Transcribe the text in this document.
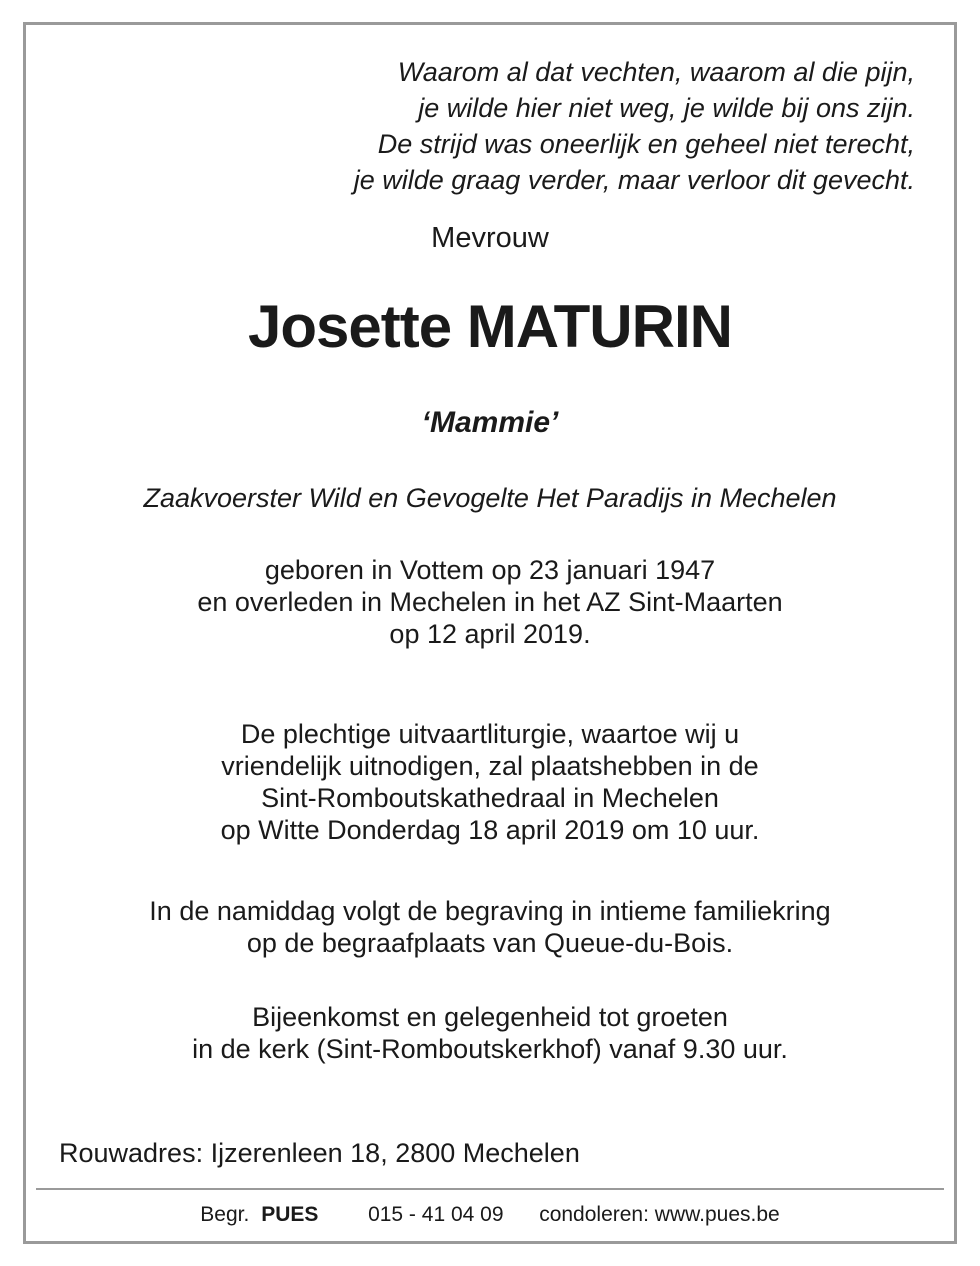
Waarom al dat vechten, waarom al die pijn,
je wilde hier niet weg, je wilde bij ons zijn.
De strijd was oneerlijk en geheel niet terecht,
je wilde graag verder, maar verloor dit gevecht.
Mevrouw
Josette MATURIN
‘Mammie’
Zaakvoerster Wild en Gevogelte Het Paradijs in Mechelen
geboren in Vottem op 23 januari 1947
en overleden in Mechelen in het AZ Sint-Maarten
op 12 april 2019.
De plechtige uitvaartliturgie, waartoe wij u
vriendelijk uitnodigen, zal plaatshebben in de
Sint-Romboutskathedraal in Mechelen
op Witte Donderdag 18 april 2019 om 10 uur.
In de namiddag volgt de begraving in intieme familiekring
op de begraafplaats van Queue-du-Bois.
Bijeenkomst en gelegenheid tot groeten
in de kerk (Sint-Romboutskerkhof) vanaf 9.30 uur.
Rouwadres: Ijzerenleen 18, 2800 Mechelen
Begr. PUES 015 - 41 04 09 condoleren: www.pues.be
